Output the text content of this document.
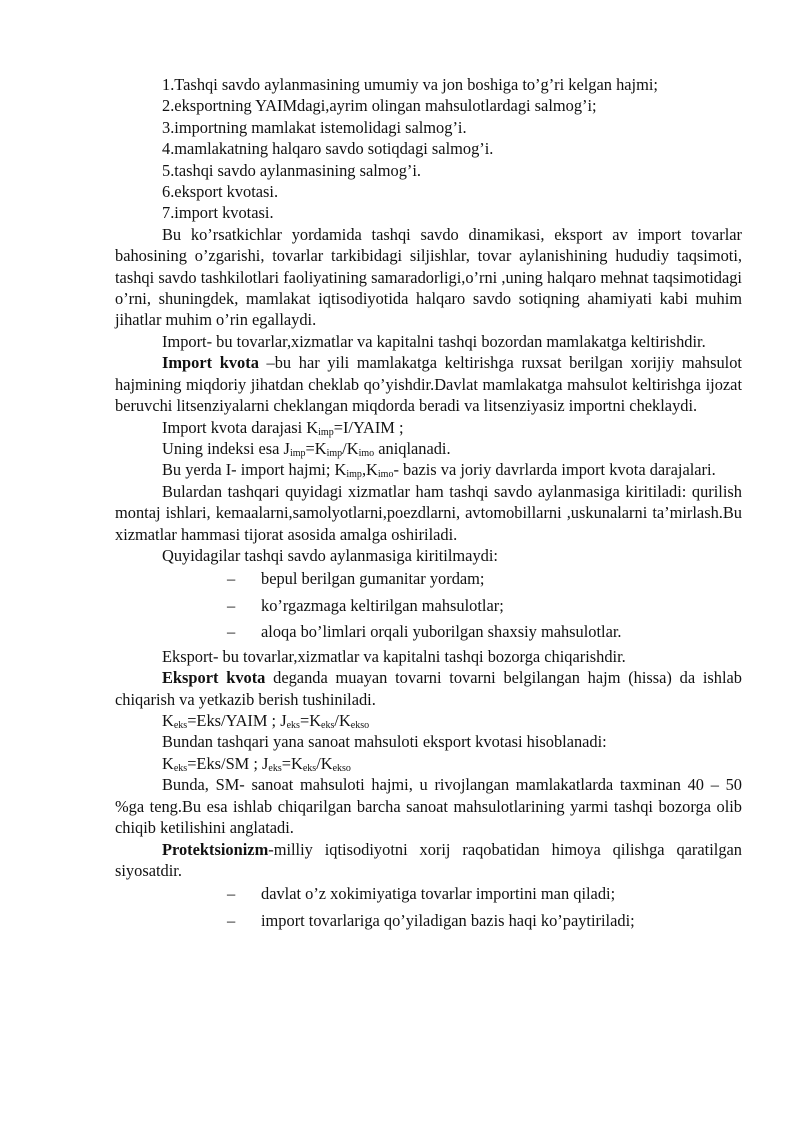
1.Tashqi savdo aylanmasining umumiy va jon boshiga to’g’ri kelgan hajmi;

2.eksportning YAIMdagi,ayrim olingan mahsulotlardagi salmog’i;

3.importning mamlakat istemolidagi salmog’i.

4.mamlakatning halqaro savdo sotiqdagi salmog’i.

5.tashqi savdo aylanmasining salmog’i.

6.eksport kvotasi.

7.import kvotasi.

Bu ko’rsatkichlar yordamida tashqi savdo dinamikasi, eksport av import tovarlar bahosining o’zgarishi, tovarlar tarkibidagi siljishlar, tovar aylanishining hududiy taqsimoti, tashqi savdo tashkilotlari faoliyatining samaradorligi,o’rni ,uning halqaro mehnat taqsimotidagi o’rni, shuningdek, mamlakat iqtisodiyotida halqaro savdo sotiqning ahamiyati kabi muhim jihatlar muhim o’rin egallaydi.

Import- bu tovarlar,xizmatlar va kapitalni tashqi bozordan mamlakatga keltirishdir.

Import kvota –bu har yili mamlakatga keltirishga ruxsat berilgan xorijiy mahsulot hajmining miqdoriy jihatdan cheklab qo’yishdir.Davlat mamlakatga mahsulot keltirishga ijozat beruvchi litsenziyalarni cheklangan miqdorda beradi va litsenziyasiz importni cheklaydi.

Import kvota darajasi $K_{imp}=I$/YAIM ;

Uning indeksi esa $J_{imp}=K_{imp}/K_{imo}$ aniqlanadi.

Bu yerda I- import hajmi; $K_{imp},K_{imo}-$ bazis va joriy davrlarda import kvota darajalari.

Bulardan tashqari quyidagi xizmatlar ham tashqi savdo aylanmasiga kiritiladi: qurilish montaj ishlari, kemaalarni,samolyotlarni,poezdlarni, avtomobillarni ,uskunalarni ta’mirlash.Bu xizmatlar hammasi tijorat asosida amalga oshiriladi.

Quyidagilar tashqi savdo aylanmasiga kiritilmaydi:

– bepul berilgan gumanitar yordam;

– ko’rgazmaga keltirilgan mahsulotlar;

– aloqa bo’limlari orqali yuborilgan shaxsiy mahsulotlar.

Eksport- bu tovarlar,xizmatlar va kapitalni tashqi bozorga chiqarishdir.

Eksport kvota deganda muayan tovarni tovarni belgilangan hajm (hissa) da ishlab chiqarish va yetkazib berish tushiniladi.

$K_{eks}=Eks$/YAIM ; $J_{eks}=K_{eks}/K_{ekso}$

Bundan tashqari yana sanoat mahsuloti eksport kvotasi hisoblanadi:

$K_{eks}=Eks/SM$ ; $J_{eks}=K_{eks}/K_{ekso}$

Bunda, SM- sanoat mahsuloti hajmi, u rivojlangan mamlakatlarda taxminan 40 – 50 %ga teng.Bu esa ishlab chiqarilgan barcha sanoat mahsulotlarining yarmi tashqi bozorga olib chiqib ketilishini anglatadi.

Protektsionizm-milliy iqtisodiyotni xorij raqobatidan himoya qilishga qaratilgan siyosatdir.

– davlat o’z xokimiyatiga tovarlar importini man qiladi;

– import tovarlariga qo’yiladigan bazis haqi ko’paytiriladi;
